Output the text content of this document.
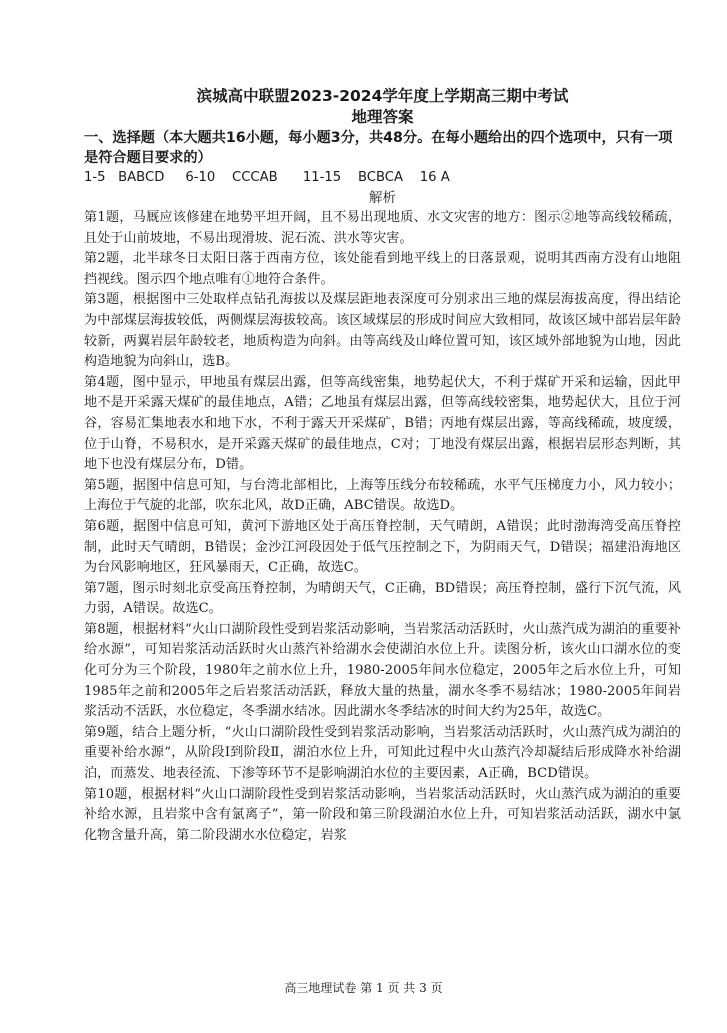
滨城高中联盟2023-2024学年度上学期高三期中考试

地理答案

一、选择题（本大题共16小题，每小题3分，共48分。在每小题给出的四个选项中，只有一项是符合题目要求的）

1-5   BABCD     6-10    CCCAB      11-15    BCBCA    16 A

解析

第1题，马厩应该修建在地势平坦开阔，且不易出现地质、水文灾害的地方：图示②地等高线较稀疏，且处于山前坡地，不易出现滑坡、泥石流、洪水等灾害。

第2题，北半球冬日太阳日落于西南方位，该处能看到地平线上的日落景观，说明其西南方没有山地阻挡视线。图示四个地点唯有①地符合条件。

第3题，根据图中三处取样点钻孔海拔以及煤层距地表深度可分别求出三地的煤层海拔高度，得出结论为中部煤层海拔较低，两侧煤层海拔较高。该区域煤层的形成时间应大致相同，故该区域中部岩层年龄较新，两翼岩层年龄较老，地质构造为向斜。由等高线及山峰位置可知，该区域外部地貌为山地，因此构造地貌为向斜山，选B。

第4题，图中显示，甲地虽有煤层出露，但等高线密集，地势起伏大，不利于煤矿开采和运输，因此甲地不是开采露天煤矿的最佳地点，A错；乙地虽有煤层出露，但等高线较密集，地势起伏大，且位于河谷，容易汇集地表水和地下水，不利于露天开采煤矿，B错；丙地有煤层出露，等高线稀疏，坡度缓，位于山脊，不易积水，是开采露天煤矿的最佳地点，C对；丁地没有煤层出露，根据岩层形态判断，其地下也没有煤层分布，D错。

第5题，据图中信息可知，与台湾北部相比，上海等压线分布较稀疏，水平气压梯度力小，风力较小；上海位于气旋的北部，吹东北风，故D正确，ABC错误。故选D。

第6题，据图中信息可知，黄河下游地区处于高压脊控制，天气晴朗，A错误；此时渤海湾受高压脊控制，此时天气晴朗，B错误；金沙江河段因处于低气压控制之下，为阴雨天气，D错误；福建沿海地区为台风影响地区，狂风暴雨天，C正确，故选C。

第7题，图示时刻北京受高压脊控制，为晴朗天气，C正确，BD错误；高压脊控制，盛行下沉气流，风力弱，A错误。故选C。

第8题，根据材料“火山口湖阶段性受到岩浆活动影响，当岩浆活动活跃时，火山蒸汽成为湖泊的重要补给水源”，可知岩浆活动活跃时火山蒸汽补给湖水会使湖泊水位上升。读图分析，该火山口湖水位的变化可分为三个阶段，1980年之前水位上升，1980-2005年间水位稳定，2005年之后水位上升，可知1985年之前和2005年之后岩浆活动活跃，释放大量的热量，湖水冬季不易结冰；1980-2005年间岩浆活动不活跃，水位稳定，冬季湖水结冰。因此湖水冬季结冰的时间大约为25年，故选C。

第9题，结合上题分析，“火山口湖阶段性受到岩浆活动影响，当岩浆活动活跃时，火山蒸汽成为湖泊的重要补给水源”，从阶段Ⅰ到阶段Ⅱ，湖泊水位上升，可知此过程中火山蒸汽冷却凝结后形成降水补给湖泊，而蒸发、地表径流、下渗等环节不是影响湖泊水位的主要因素，A正确，BCD错误。

第10题，根据材料“火山口湖阶段性受到岩浆活动影响，当岩浆活动活跃时，火山蒸汽成为湖泊的重要补给水源，且岩浆中含有氯离子”，第一阶段和第三阶段湖泊水位上升，可知岩浆活动活跃，湖水中氯化物含量升高，第二阶段湖水水位稳定，岩浆

高三地理试卷 第 1 页 共 3 页
